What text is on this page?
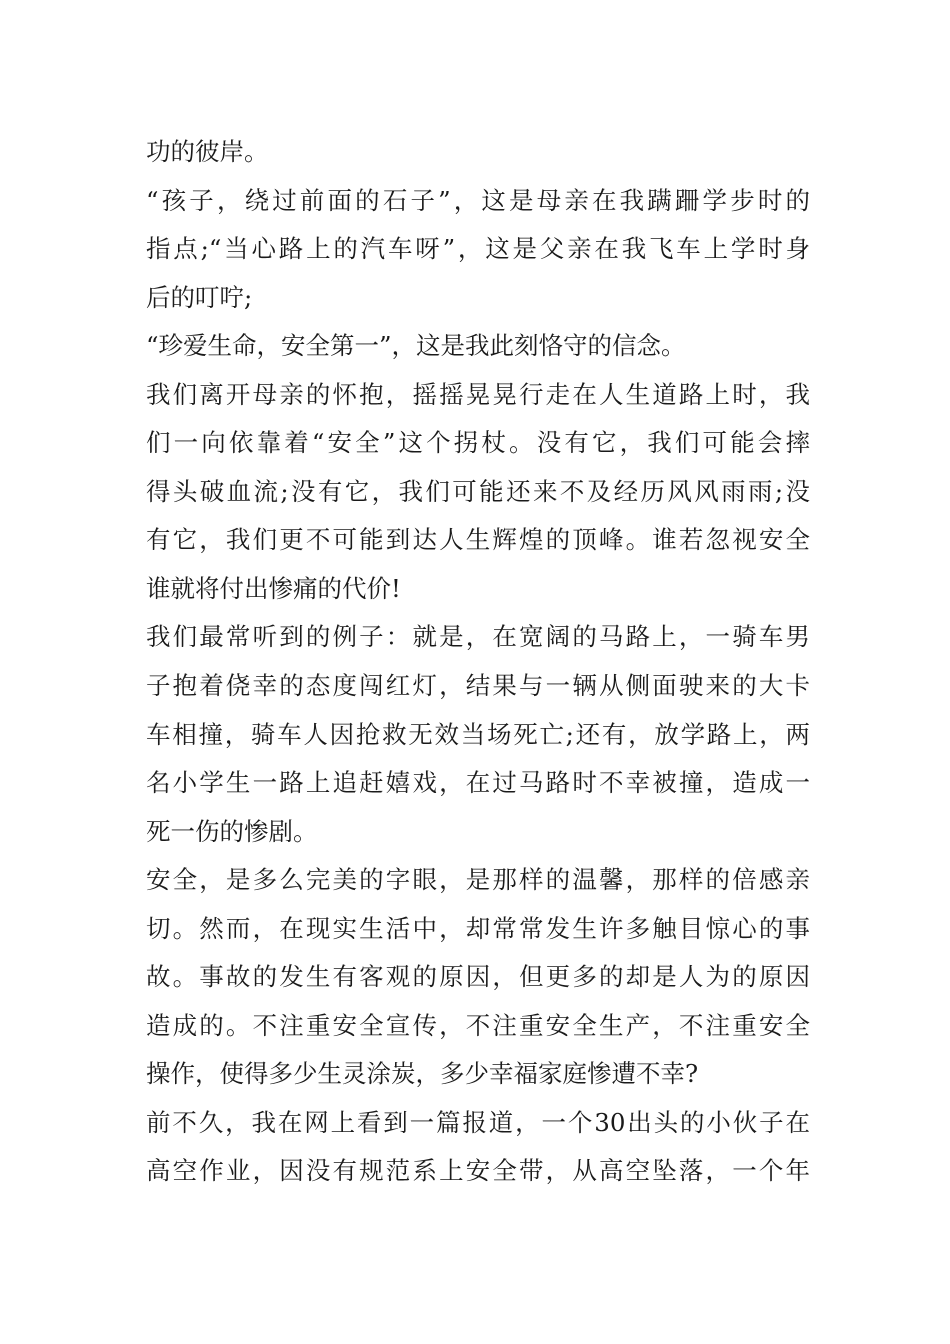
功的彼岸。
“孩子，绕过前面的石子”，这是母亲在我蹒跚学步时的
指点;“当心路上的汽车呀”，这是父亲在我飞车上学时身
后的叮咛;
“珍爱生命，安全第一”，这是我此刻恪守的信念。
我们离开母亲的怀抱，摇摇晃晃行走在人生道路上时，我
们一向依靠着“安全”这个拐杖。没有它，我们可能会摔
得头破血流;没有它，我们可能还来不及经历风风雨雨;没
有它，我们更不可能到达人生辉煌的顶峰。谁若忽视安全
谁就将付出惨痛的代价!
我们最常听到的例子：就是，在宽阔的马路上，一骑车男
子抱着侥幸的态度闯红灯，结果与一辆从侧面驶来的大卡
车相撞，骑车人因抢救无效当场死亡;还有，放学路上，两
名小学生一路上追赶嬉戏，在过马路时不幸被撞，造成一
死一伤的惨剧。
安全，是多么完美的字眼，是那样的温馨，那样的倍感亲
切。然而，在现实生活中，却常常发生许多触目惊心的事
故。事故的发生有客观的原因，但更多的却是人为的原因
造成的。不注重安全宣传，不注重安全生产，不注重安全
操作，使得多少生灵涂炭，多少幸福家庭惨遭不幸?
前不久，我在网上看到一篇报道，一个30出头的小伙子在
高空作业，因没有规范系上安全带，从高空坠落，一个年
